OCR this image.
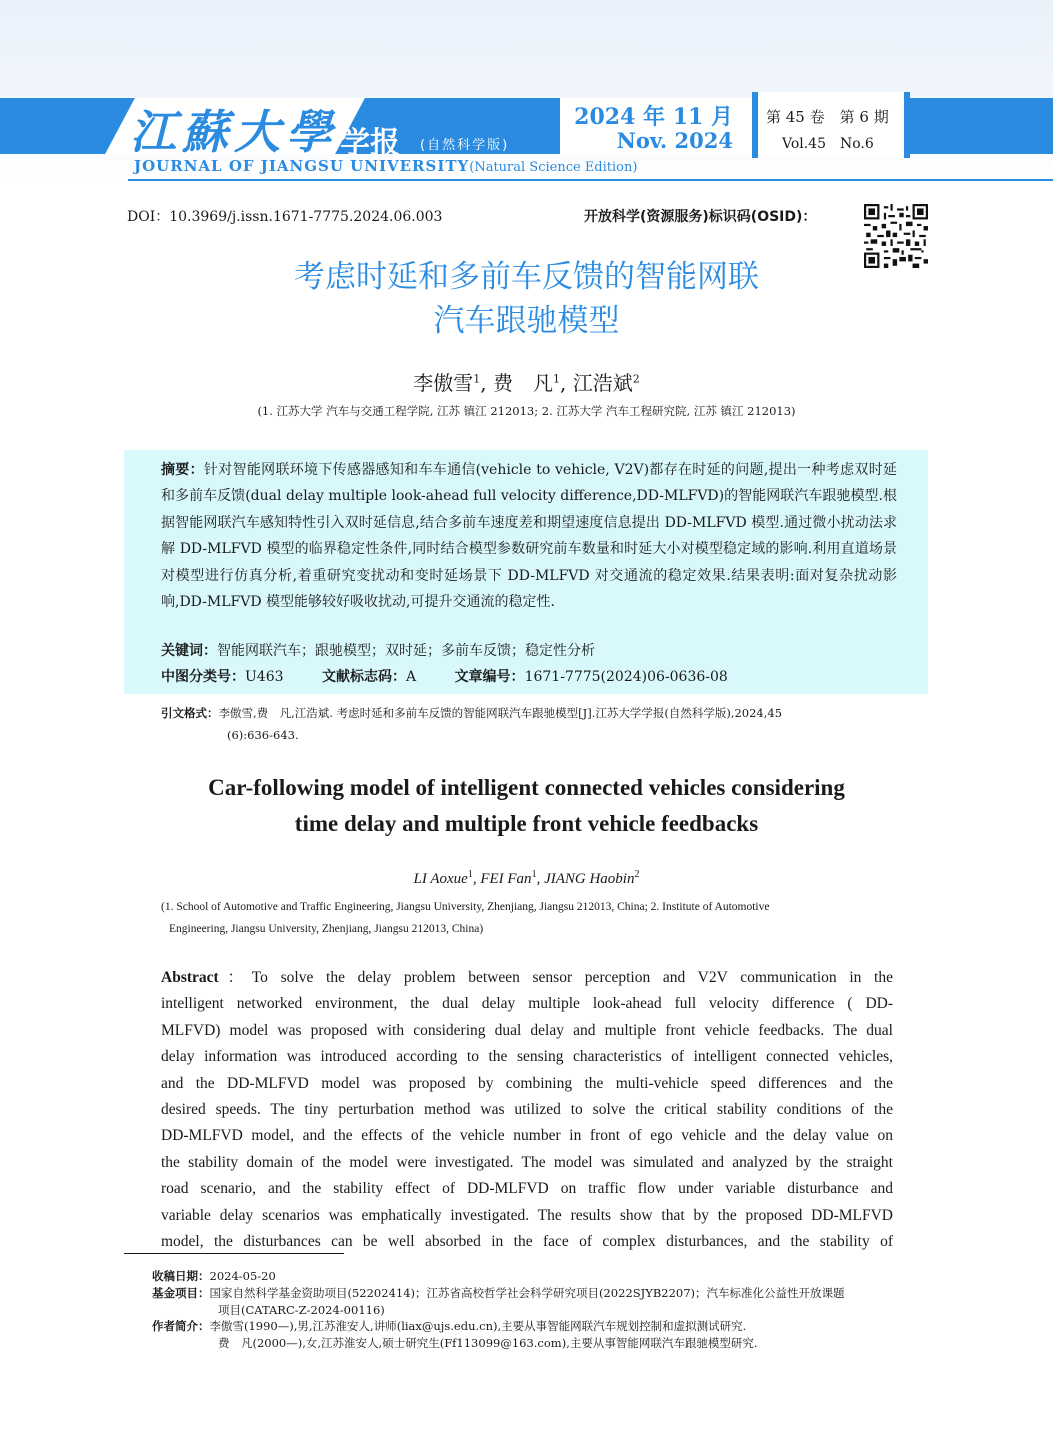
江蘇大學 学报 (自然科学版)
JOURNAL OF JIANGSU UNIVERSITY(Natural Science Edition)
2024 年 11 月
Nov. 2024
第 45 卷　第 6 期
Vol.45　No.6
DOI：10.3969/j.issn.1671-7775.2024.06.003	开放科学(资源服务)标识码(OSID)：
考虑时延和多前车反馈的智能网联
汽车跟驰模型
李傲雪$^1$, 费　凡$^1$, 江浩斌$^2$
(1. 江苏大学 汽车与交通工程学院, 江苏 镇江 212013; 2. 江苏大学 汽车工程研究院, 江苏 镇江 212013)
摘要：针对智能网联环境下传感器感知和车车通信(vehicle to vehicle, V2V)都存在时延的问题,提出一种考虑双时延和多前车反馈(dual delay multiple look-ahead full velocity difference,DD-MLFVD)的智能网联汽车跟驰模型.根据智能网联汽车感知特性引入双时延信息,结合多前车速度差和期望速度信息提出 DD-MLFVD 模型.通过微小扰动法求解 DD-MLFVD 模型的临界稳定性条件,同时结合模型参数研究前车数量和时延大小对模型稳定域的影响.利用直道场景对模型进行仿真分析,着重研究变扰动和变时延场景下 DD-MLFVD 对交通流的稳定效果.结果表明:面对复杂扰动影响,DD-MLFVD 模型能够较好吸收扰动,可提升交通流的稳定性.
关键词：智能网联汽车；跟驰模型；双时延；多前车反馈；稳定性分析
中图分类号：U463	文献标志码：A	文章编号：1671-7775(2024)06-0636-08
引文格式：李傲雪,费　凡,江浩斌. 考虑时延和多前车反馈的智能网联汽车跟驰模型[J].江苏大学学报(自然科学版),2024,45
(6):636-643.
Car-following model of intelligent connected vehicles considering
time delay and multiple front vehicle feedbacks
LI Aoxue$^1$, FEI Fan$^1$, JIANG Haobin$^2$
(1. School of Automotive and Traffic Engineering, Jiangsu University, Zhenjiang, Jiangsu 212013, China; 2. Institute of Automotive
Engineering, Jiangsu University, Zhenjiang, Jiangsu 212013, China)

Abstract：To solve the delay problem between sensor perception and V2V communication in the

intelligent networked environment, the dual delay multiple look-ahead full velocity difference ( DD-

MLFVD) model was proposed with considering dual delay and multiple front vehicle feedbacks. The dual

delay information was introduced according to the sensing characteristics of intelligent connected vehicles,

and the DD-MLFVD model was proposed by combining the multi-vehicle speed differences and the

desired speeds. The tiny perturbation method was utilized to solve the critical stability conditions of the

DD-MLFVD model, and the effects of the vehicle number in front of ego vehicle and the delay value on

the stability domain of the model were investigated. The model was simulated and analyzed by the straight

road scenario, and the stability effect of DD-MLFVD on traffic flow under variable disturbance and

variable delay scenarios was emphatically investigated. The results show that by the proposed DD-MLFVD

model, the disturbances can be well absorbed in the face of complex disturbances, and the stability of

收稿日期：2024-05-20
基金项目：国家自然科学基金资助项目(52202414)；江苏省高校哲学社会科学研究项目(2022SJYB2207)；汽车标准化公益性开放课题
项目(CATARC-Z-2024-00116)
作者简介：李傲雪(1990—),男,江苏淮安人,讲师(liax@ujs.edu.cn),主要从事智能网联汽车规划控制和虚拟测试研究.
费　凡(2000—),女,江苏淮安人,硕士研究生(Ff113099@163.com),主要从事智能网联汽车跟驰模型研究.
